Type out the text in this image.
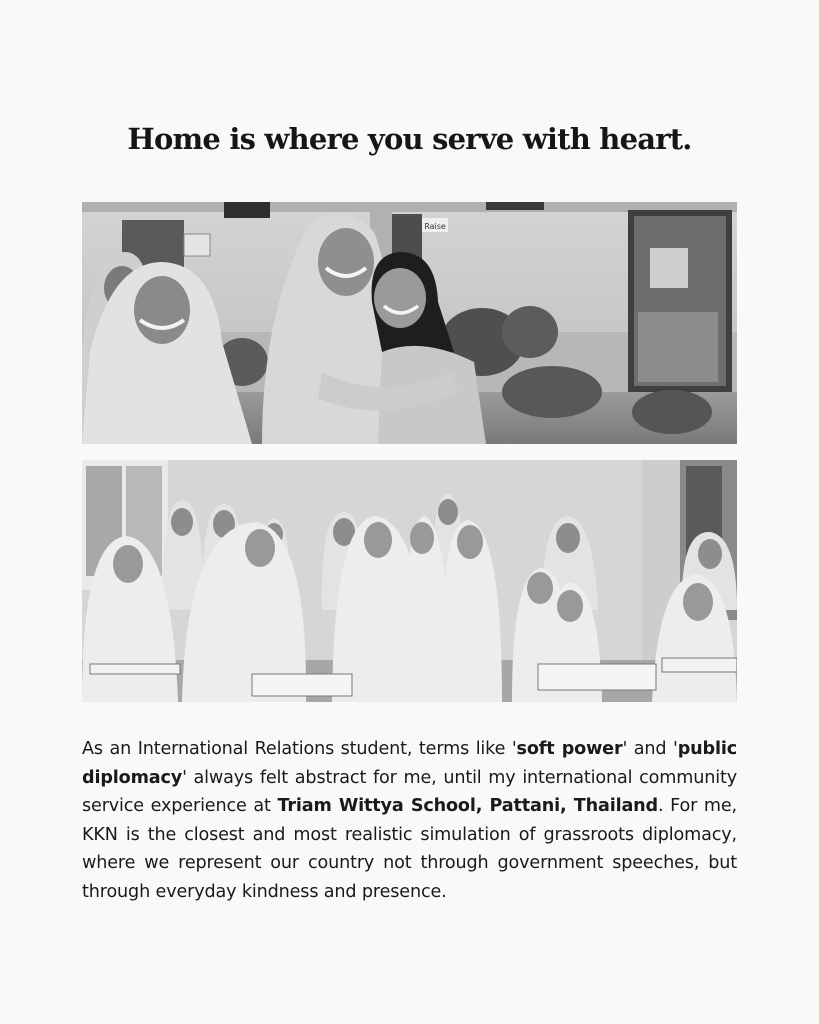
Home is where you serve with heart.
Raise

As an International Relations student, terms like 'soft power' and 'public diplomacy' always felt abstract for me, until my international community service experience at Triam Wittya School, Pattani, Thailand. For me, KKN is the closest and most realistic simulation of grassroots diplomacy, where we represent our country not through government speeches, but through everyday kindness and presence.
